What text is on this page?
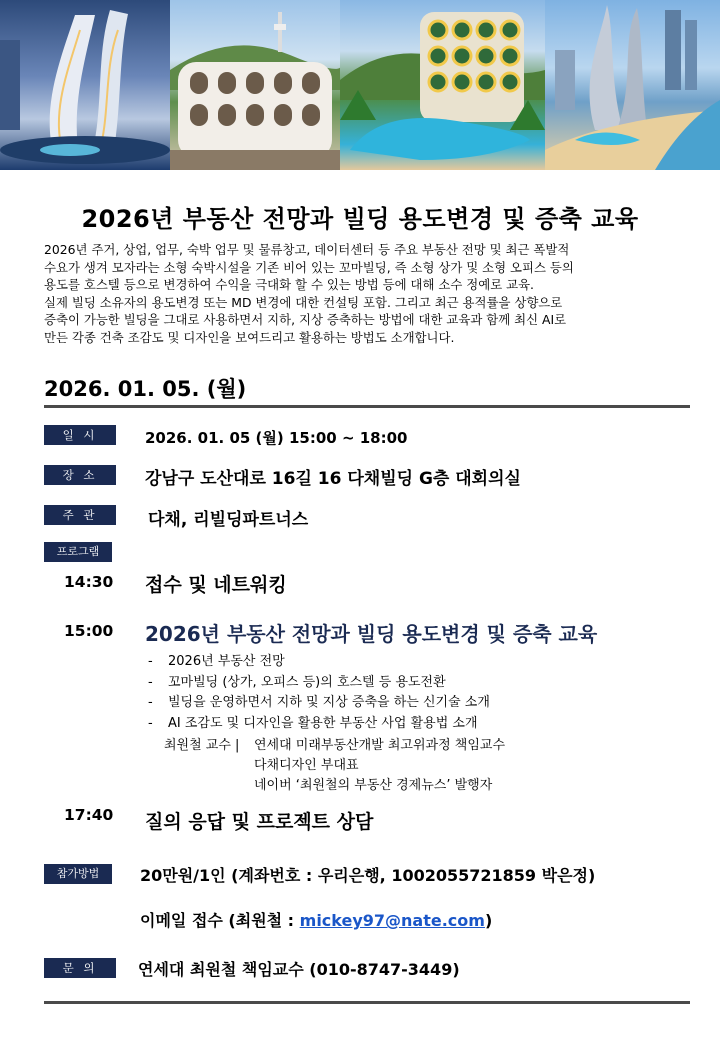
2026년 부동산 전망과 빌딩 용도변경 및 증축 교육
2026년 주거, 상업, 업무, 숙박 업무 및 물류창고, 데이터센터 등 주요 부동산 전망 및 최근 폭발적
수요가 생겨 모자라는 소형 숙박시설을 기존 비어 있는 꼬마빌딩, 즉 소형 상가 및 소형 오피스 등의
용도를 호스텔 등으로 변경하여 수익을 극대화 할 수 있는 방법 등에 대해 소수 정예로 교육.
실제 빌딩 소유자의 용도변경 또는 MD 변경에 대한 컨설팅 포함. 그리고 최근 용적률을 상향으로
증축이 가능한 빌딩을 그대로 사용하면서 지하, 지상 증축하는 방법에 대한 교육과 함께 최신 AI로
만든 각종 건축 조감도 및 디자인을 보여드리고 활용하는 방법도 소개합니다.
2026. 01. 05. (월)
일 시	2026. 01. 05 (월) 15:00 ~ 18:00
장 소	강남구 도산대로 16길 16 다채빌딩 G층 대회의실
주 관	다채, 리빌딩파트너스
프로그램
14:30 접수 및 네트워킹
15:00 2026년 부동산 전망과 빌딩 용도변경 및 증축 교육
- 2026년 부동산 전망
- 꼬마빌딩 (상가, 오피스 등)의 호스텔 등 용도전환
- 빌딩을 운영하면서 지하 및 지상 증축을 하는 신기술 소개
- AI 조감도 및 디자인을 활용한 부동산 사업 활용법 소개
최원철 교수 | 연세대 미래부동산개발 최고위과정 책임교수
다채디자인 부대표
네이버 ‘최원철의 부동산 경제뉴스’ 발행자
17:40 질의 응답 및 프로젝트 상담
참가방법	20만원/1인 (계좌번호 : 우리은행, 1002055721859 박은정)
이메일 접수 (최원철 : mickey97@nate.com)
문 의	연세대 최원철 책임교수 (010-8747-3449)
